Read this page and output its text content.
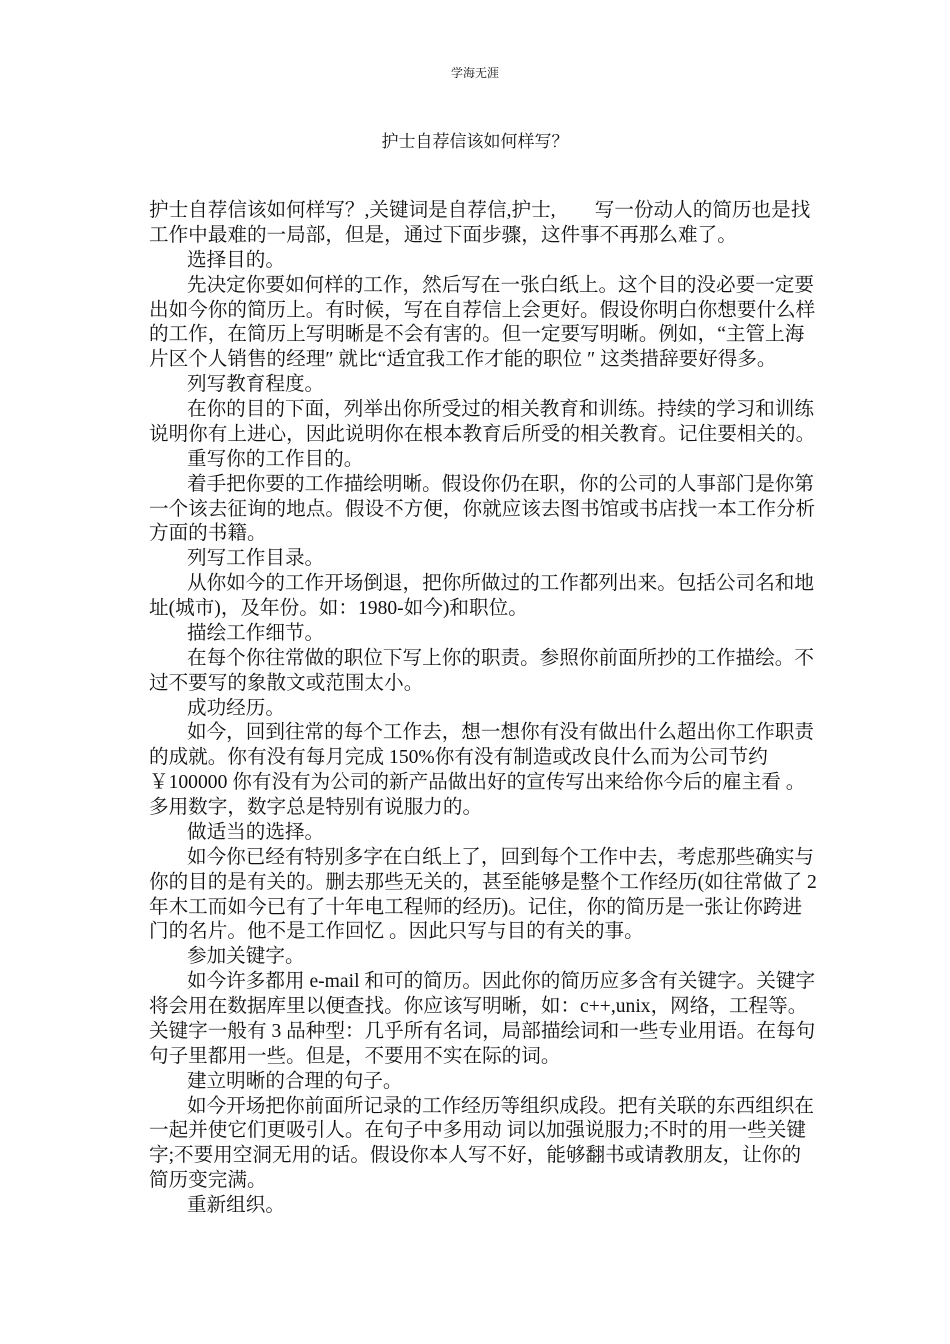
学海无涯
护士自荐信该如何样写？
护士自荐信该如何样写？,关键词是自荐信,护士,　　写一份动人的简历也是找
工作中最难的一局部，但是，通过下面步骤，这件事不再那么难了。
选择目的。
先决定你要如何样的工作，然后写在一张白纸上。这个目的没必要一定要
出如今你的简历上。有时候，写在自荐信上会更好。假设你明白你想要什么样
的工作，在简历上写明晰是不会有害的。但一定要写明晰。例如，“主管上海
片区个人销售的经理″ 就比“适宜我工作才能的职位 ″ 这类措辞要好得多。
列写教育程度。
在你的目的下面，列举出你所受过的相关教育和训练。持续的学习和训练
说明你有上进心，因此说明你在根本教育后所受的相关教育。记住要相关的。
重写你的工作目的。
着手把你要的工作描绘明晰。假设你仍在职，你的公司的人事部门是你第
一个该去征询的地点。假设不方便，你就应该去图书馆或书店找一本工作分析
方面的书籍。
列写工作目录。
从你如今的工作开场倒退，把你所做过的工作都列出来。包括公司名和地
址(城市)，及年份。如：1980-如今)和职位。
描绘工作细节。
在每个你往常做的职位下写上你的职责。参照你前面所抄的工作描绘。不
过不要写的象散文或范围太小。
成功经历。
如今，回到往常的每个工作去，想一想你有没有做出什么超出你工作职责
的成就。你有没有每月完成 150%你有没有制造或改良什么而为公司节约
￥100000 你有没有为公司的新产品做出好的宣传写出来给你今后的雇主看 。
多用数字，数字总是特别有说服力的。
做适当的选择。
如今你已经有特别多字在白纸上了，回到每个工作中去，考虑那些确实与
你的目的是有关的。删去那些无关的，甚至能够是整个工作经历(如往常做了 2
年木工而如今已有了十年电工程师的经历)。记住，你的简历是一张让你跨进
门的名片。他不是工作回忆 。因此只写与目的有关的事。
参加关键字。
如今许多都用 e-mail 和可的简历。因此你的简历应多含有关键字。关键字
将会用在数据库里以便查找。你应该写明晰，如：c++,unix，网络，工程等。
关键字一般有 3 品种型：几乎所有名词，局部描绘词和一些专业用语。在每句
句子里都用一些。但是，不要用不实在际的词。
建立明晰的合理的句子。
如今开场把你前面所记录的工作经历等组织成段。把有关联的东西组织在
一起并使它们更吸引人。在句子中多用动 词以加强说服力;不时的用一些关键
字;不要用空洞无用的话。假设你本人写不好，能够翻书或请教朋友，让你的
简历变完满。
重新组织。
